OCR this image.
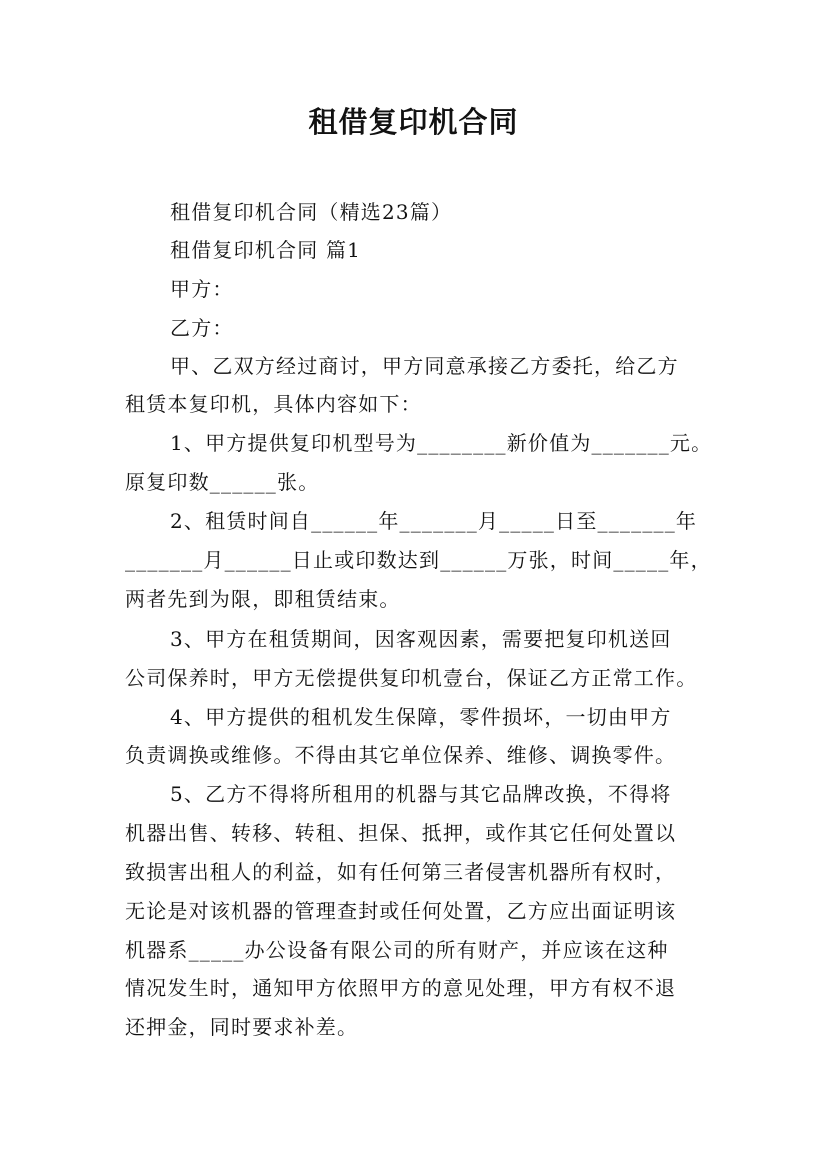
租借复印机合同
租借复印机合同（精选23篇）
租借复印机合同 篇1
甲方：
乙方：
甲、乙双方经过商讨，甲方同意承接乙方委托，给乙方
租赁本复印机，具体内容如下：
1、甲方提供复印机型号为________新价值为_______元。
原复印数______张。
2、租赁时间自______年_______月_____日至_______年
_______月______日止或印数达到______万张，时间_____年，
两者先到为限，即租赁结束。
3、甲方在租赁期间，因客观因素，需要把复印机送回
公司保养时，甲方无偿提供复印机壹台，保证乙方正常工作。
4、甲方提供的租机发生保障，零件损坏，一切由甲方
负责调换或维修。不得由其它单位保养、维修、调换零件。
5、乙方不得将所租用的机器与其它品牌改换，不得将
机器出售、转移、转租、担保、抵押，或作其它任何处置以
致损害出租人的利益，如有任何第三者侵害机器所有权时，
无论是对该机器的管理查封或任何处置，乙方应出面证明该
机器系_____办公设备有限公司的所有财产，并应该在这种
情况发生时，通知甲方依照甲方的意见处理，甲方有权不退
还押金，同时要求补差。
